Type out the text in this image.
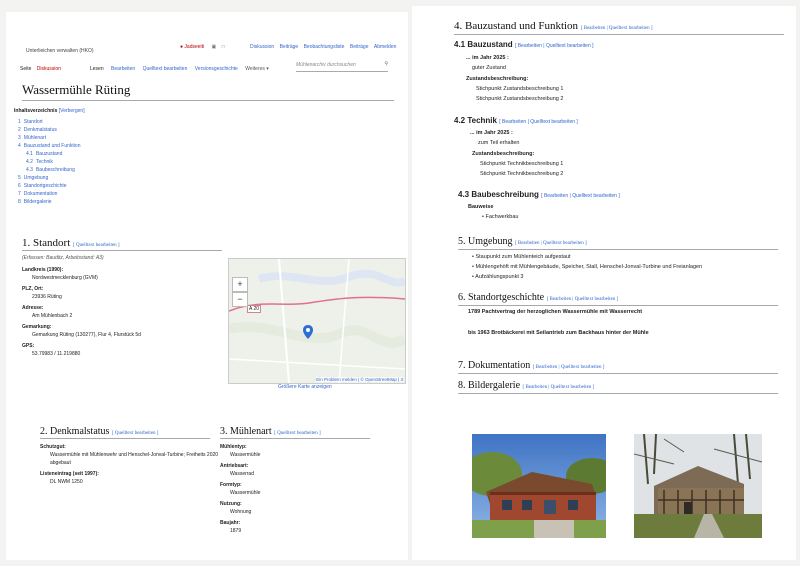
Unterlieichen verwalten (HKO)
● Jadseeiti ▣ □	Diskussion Beiträge Beobachtungsliste Beiträge Abmelden
Seite Diskussion	Lesen Bearbeiten Quelltext bearbeiten Versionsgeschichte Weiteres ▾
Mühlenarchiv durchsuchen	⚲
Wassermühle Rüting
Inhaltsverzeichnis [Verbergen]
1 Standort
2 Denkmalstatus
3 Mühlenart
4 Bauzustand und Funktion
4.1 Bauzustand
4.2 Technik
4.3 Baubeschreibung
5 Umgebung
6 Standortgeschichte
7 Dokumentation
8 Bildergalerie
1. Standort [ Quelltext bearbeiten ]
(Erfassen: Bauditz, Arbeitsstand: A3)
Landkreis (1990):
Nordwestmecklenburg (GVM)
PLZ, Ort:
23936 Rüting
Adresse:
Am Mühlenbach 2
Gemarkung:
Gemarkung Rüting (130277), Flur 4, Flurstück 5d
GPS:
53.79983 / 11.219880
A 20
+
−
Ein Problem melden | © OpenStreetMap | 3
Größere Karte anzeigen
2. Denkmalstatus [ Quelltext bearbeiten ]
Schutzgut:
Wassermühle mit Mühlenwehr und Henschel-Jonval-Turbine; Freiheits 2020 abgebaut
Listeneintrag (seit 1997):
DL NWM 1250
3. Mühlenart [ Quelltext bearbeiten ]
Mühlentyp:
Wassermühle
Antriebsart:
Wasserrad
Formtyp:
Wassermühle
Nutzung:
Wohnung
Baujahr:
1879
4. Bauzustand und Funktion [ Bearbeiten | Quelltext bearbeiten ]
4.1 Bauzustand [ Bearbeiten | Quelltext bearbeiten ]
... im Jahr 2025 :
guter Zustand
Zustandsbeschreibung:
Stichpunkt Zustandsbeschreibung 1
Stichpunkt Zustandsbeschreibung 2
4.2 Technik [ Bearbeiten | Quelltext bearbeiten ]
... im Jahr 2025 :
zum Teil erhalten
Zustandsbeschreibung:
Stichpunkt Technikbeschreibung 1
Stichpunkt Technikbeschreibung 2
4.3 Baubeschreibung [ Bearbeiten | Quelltext bearbeiten ]
Bauweise
• Fachwerkbau
5. Umgebung [ Bearbeiten | Quelltext bearbeiten ]
• Staupunkt zum Mühlenteich aufgestaut
• Mühlengehöft mit Mühlengebäude, Speicher, Stall, Henschel-Jonval-Turbine und Freianlagen
• Aufzählungspunkt 3
6. Standortgeschichte [ Bearbeiten | Quelltext bearbeiten ]
1789 Pachtvertrag der herzoglichen Wassermühle mit Wasserrecht
bis 1963 Brotbäckerei mit Seilantrieb zum Backhaus hinter der Mühle
7. Dokumentation [ Bearbeiten | Quelltext bearbeiten ]
8. Bildergalerie [ Bearbeiten | Quelltext bearbeiten ]
